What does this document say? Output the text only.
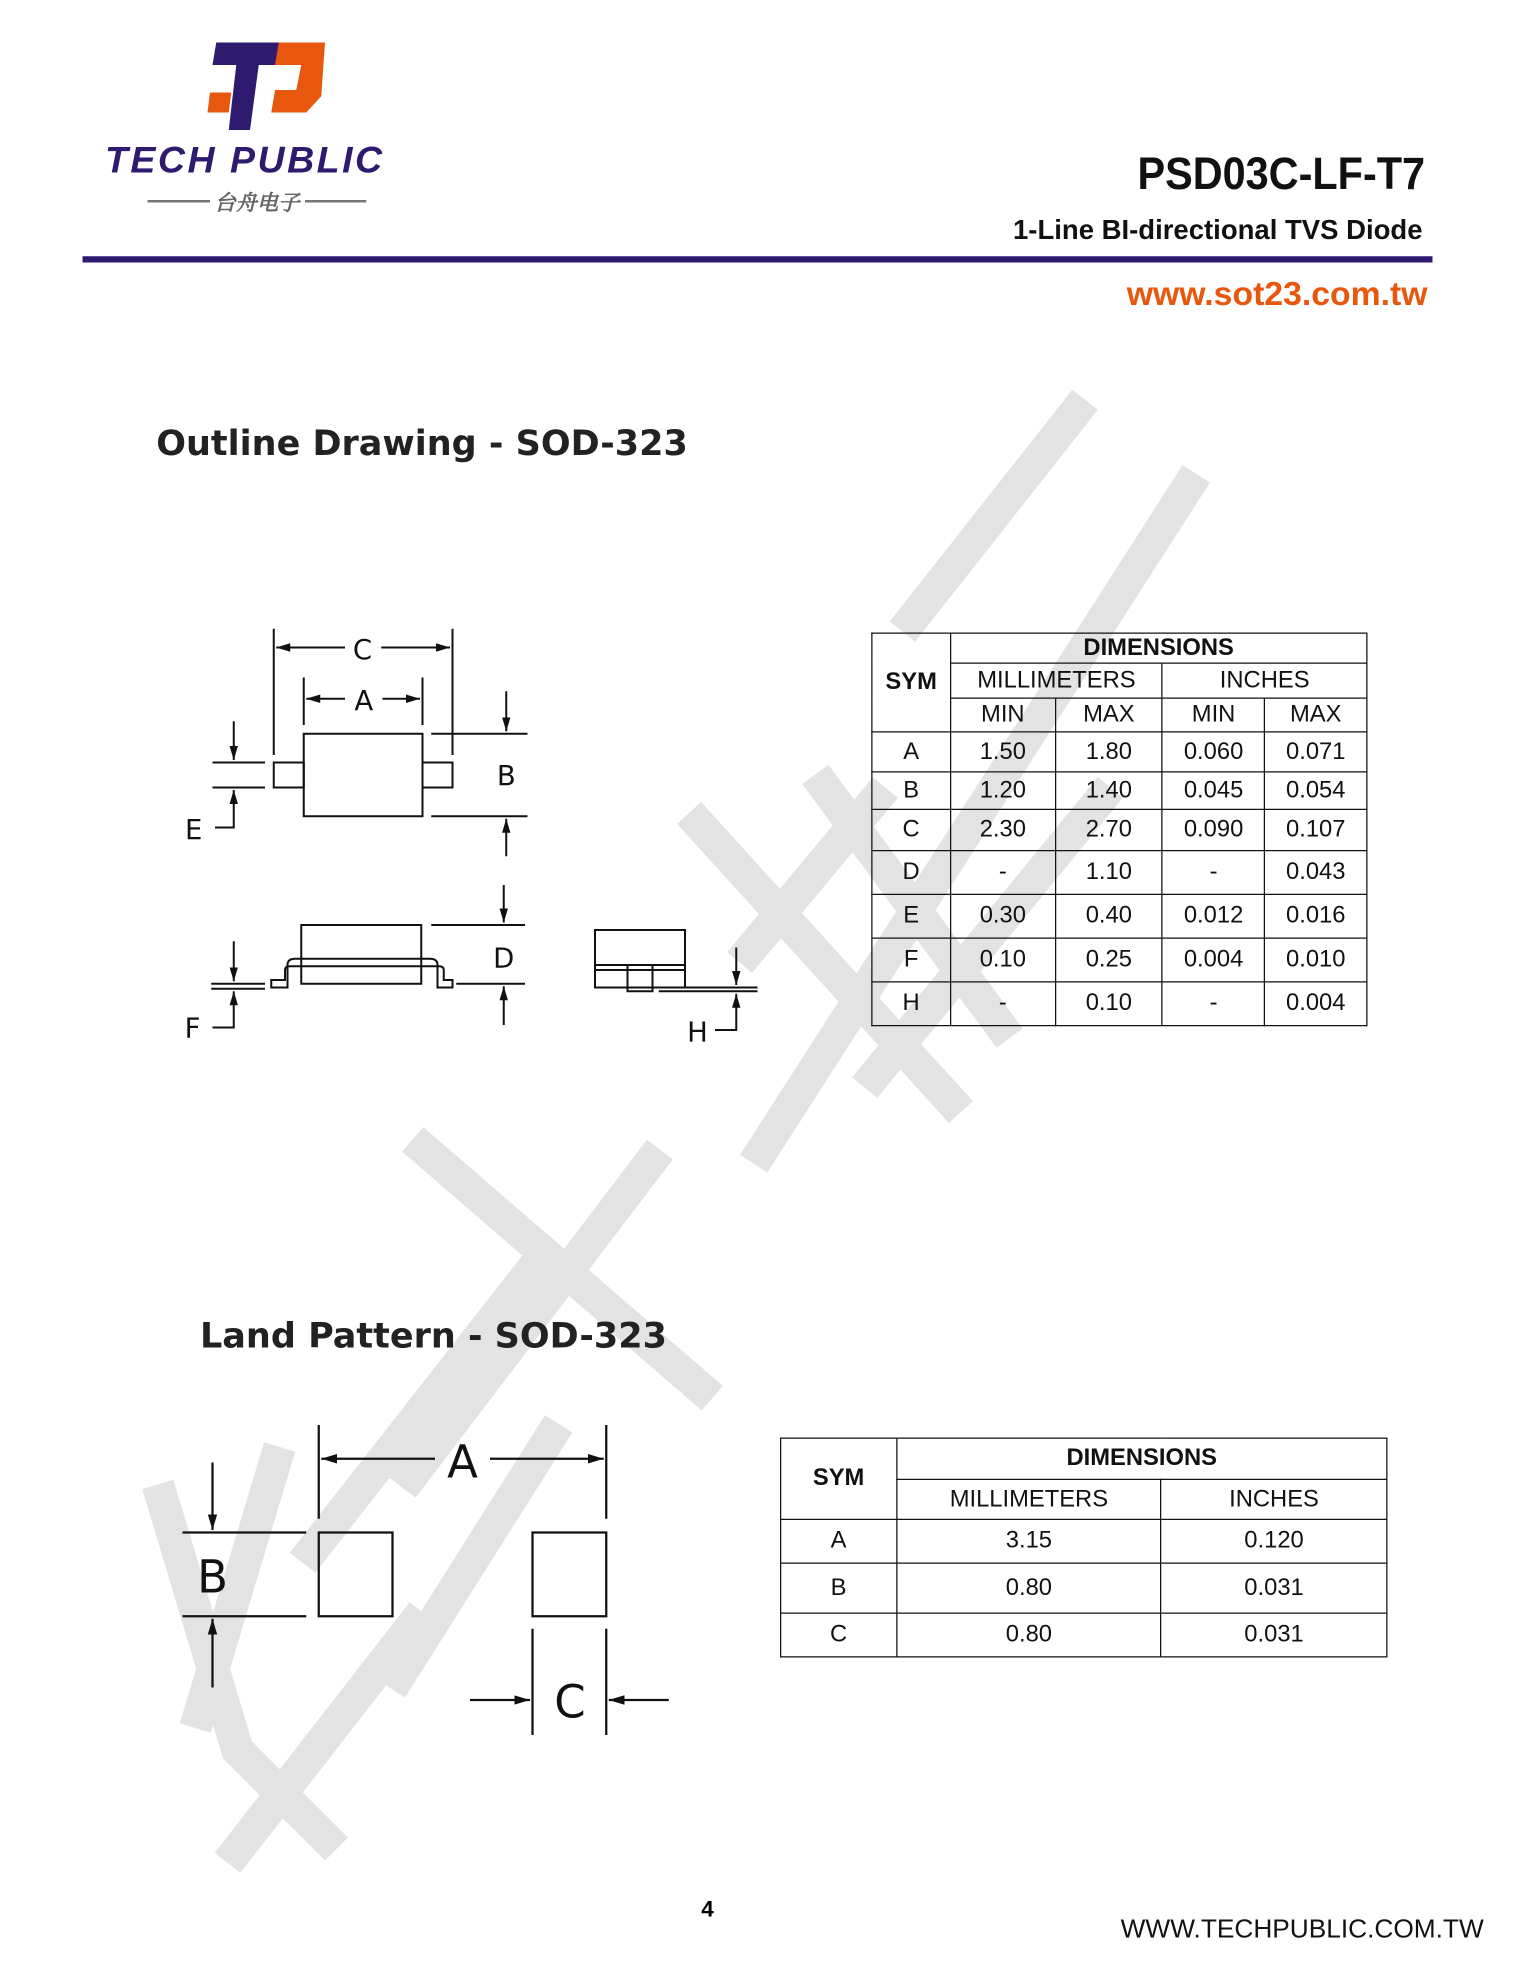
TECH PUBLIC
台舟电子
PSD03C-LF-T7
1-Line BI-directional TVS Diode
www.sot23.com.tw
Outline Drawing - SOD-323
Land Pattern - SOD-323
C
A
B
E
D
F	H
A
B
C
SYM	DIMENSIONS			
	MILLIMETERS		INCHES	
	MIN	MAX	MIN	MAX
A	1.50	1.80	0.060	0.071
B	1.20	1.40	0.045	0.054
C	2.30	2.70	0.090	0.107
D	-	1.10	-	0.043
E	0.30	0.40	0.012	0.016
F	0.10	0.25	0.004	0.010
H	-	0.10	-	0.004
SYM	DIMENSIONS	
	MILLIMETERS	INCHES
A	3.15	0.120
B	0.80	0.031
C	0.80	0.031
4
WWW.TECHPUBLIC.COM.TW
